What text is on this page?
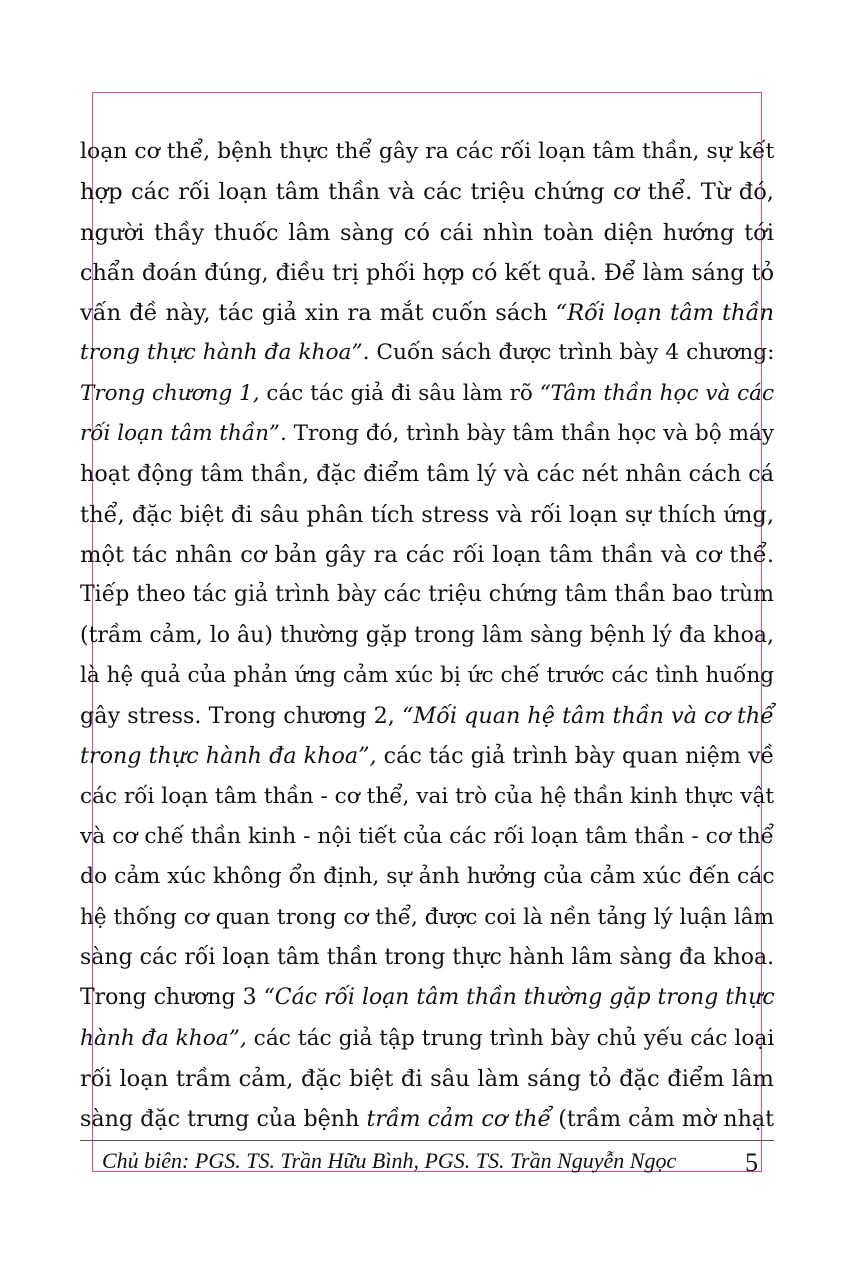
loạn cơ thể, bệnh thực thể gây ra các rối loạn tâm thần, sự kết
hợp các rối loạn tâm thần và các triệu chứng cơ thể. Từ đó,
người thầy thuốc lâm sàng có cái nhìn toàn diện hướng tới
chẩn đoán đúng, điều trị phối hợp có kết quả. Để làm sáng tỏ
vấn đề này, tác giả xin ra mắt cuốn sách “Rối loạn tâm thần
trong thực hành đa khoa”. Cuốn sách được trình bày 4 chương:
Trong chương 1, các tác giả đi sâu làm rõ “Tâm thần học và các
rối loạn tâm thần”. Trong đó, trình bày tâm thần học và bộ máy
hoạt động tâm thần, đặc điểm tâm lý và các nét nhân cách cá
thể, đặc biệt đi sâu phân tích stress và rối loạn sự thích ứng,
một tác nhân cơ bản gây ra các rối loạn tâm thần và cơ thể.
Tiếp theo tác giả trình bày các triệu chứng tâm thần bao trùm
(trầm cảm, lo âu) thường gặp trong lâm sàng bệnh lý đa khoa,
là hệ quả của phản ứng cảm xúc bị ức chế trước các tình huống
gây stress. Trong chương 2, “Mối quan hệ tâm thần và cơ thể
trong thực hành đa khoa”, các tác giả trình bày quan niệm về
các rối loạn tâm thần - cơ thể, vai trò của hệ thần kinh thực vật
và cơ chế thần kinh - nội tiết của các rối loạn tâm thần - cơ thể
do cảm xúc không ổn định, sự ảnh hưởng của cảm xúc đến các
hệ thống cơ quan trong cơ thể, được coi là nền tảng lý luận lâm
sàng các rối loạn tâm thần trong thực hành lâm sàng đa khoa.
Trong chương 3 “Các rối loạn tâm thần thường gặp trong thực
hành đa khoa”, các tác giả tập trung trình bày chủ yếu các loại
rối loạn trầm cảm, đặc biệt đi sâu làm sáng tỏ đặc điểm lâm
sàng đặc trưng của bệnh trầm cảm cơ thể (trầm cảm mờ nhạt
Chủ biên: PGS. TS. Trần Hữu Bình, PGS. TS. Trần Nguyễn Ngọc	5
